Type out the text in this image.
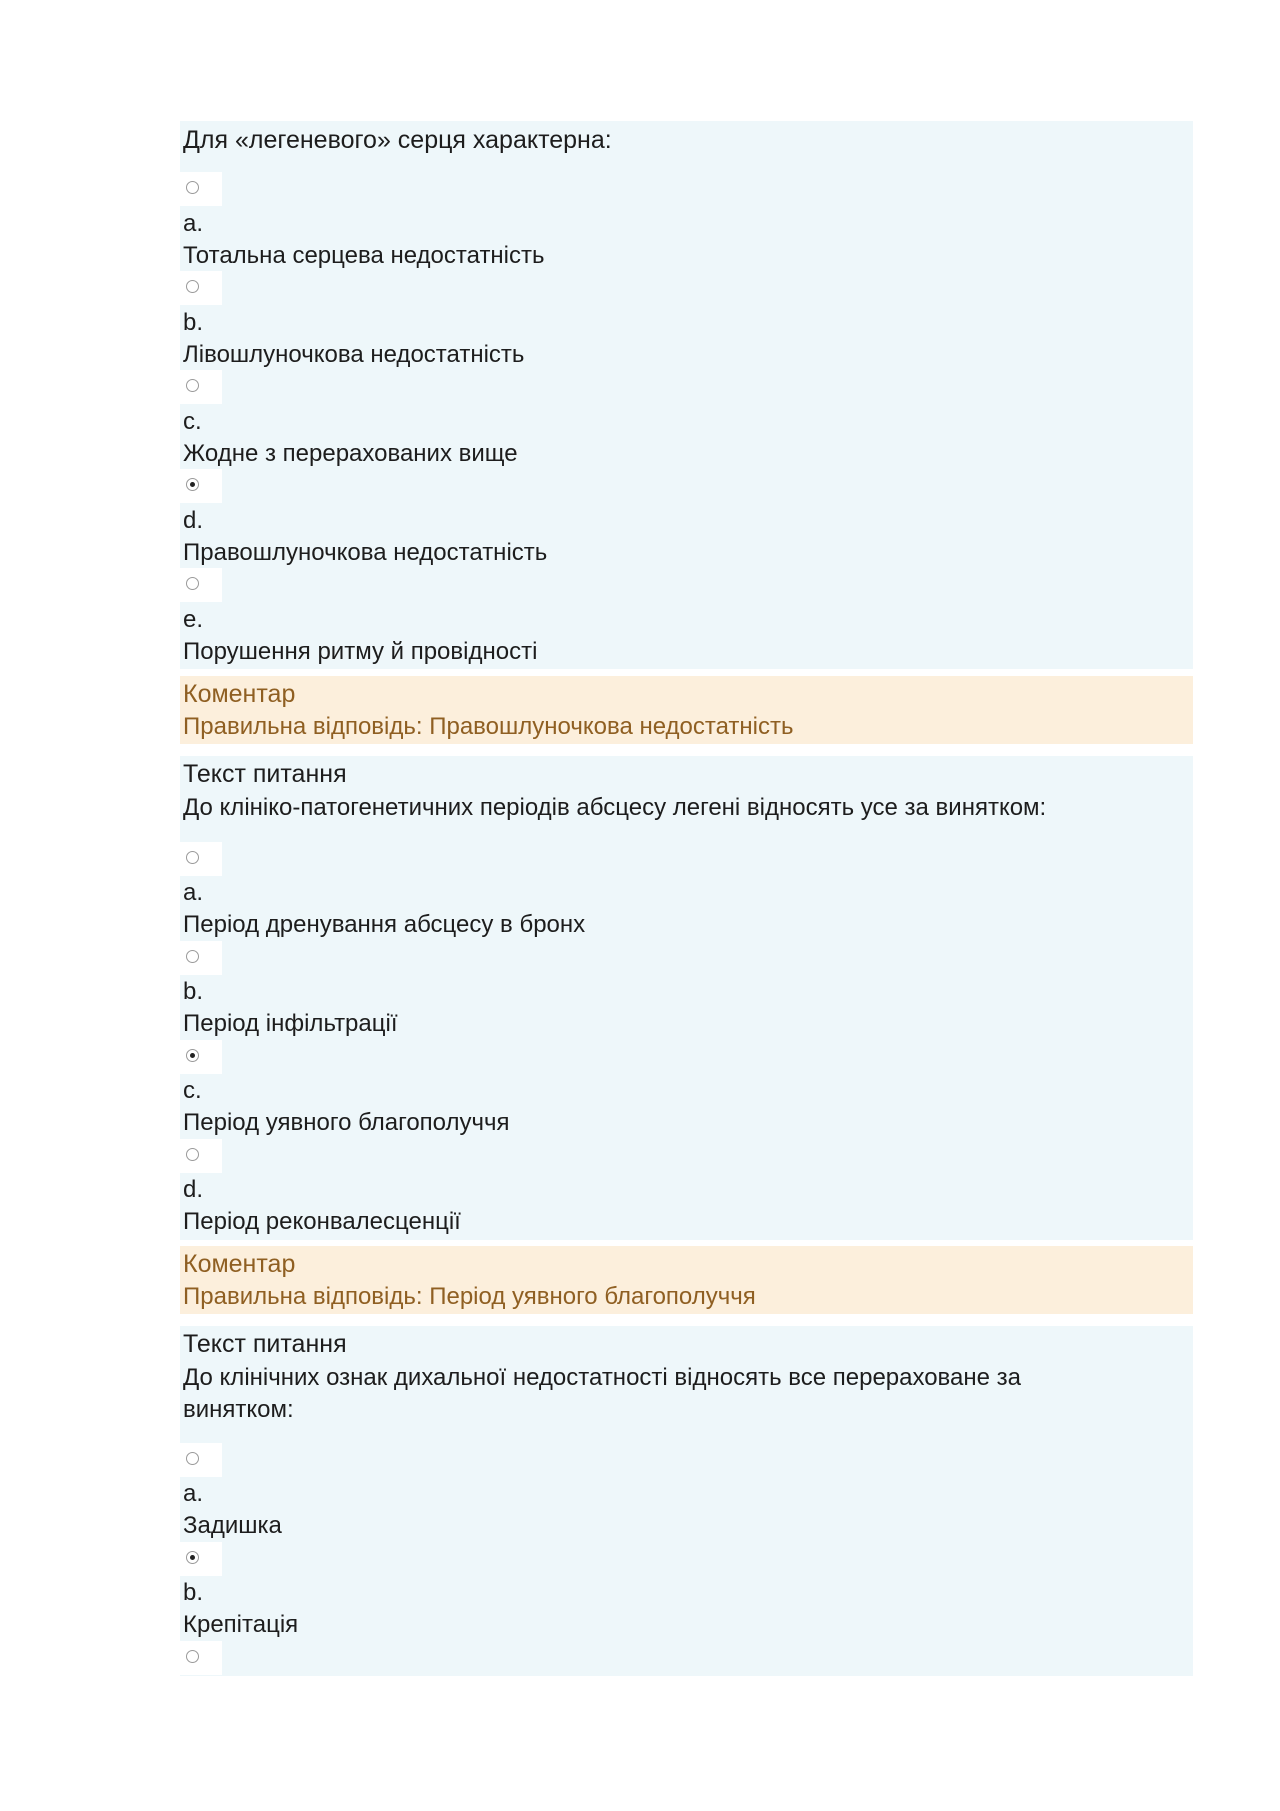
Для «легеневого» серця характерна:
a.
Тотальна серцева недостатність
b.
Лівошлуночкова недостатність
c.
Жодне з перерахованих вище
d.
Правошлуночкова недостатність
e.
Порушення ритму й провідності
Коментар
Правильна відповідь: Правошлуночкова недостатність
Текст питання
До клініко-патогенетичних періодів абсцесу легені відносять усе за винятком:
a.
Період дренування абсцесу в бронх
b.
Період інфільтрації
c.
Період уявного благополуччя
d.
Період реконвалесценції
Коментар
Правильна відповідь: Період уявного благополуччя
Текст питання
До клінічних ознак дихальної недостатності відносять все перераховане за
винятком:
a.
Задишка
b.
Крепітація
